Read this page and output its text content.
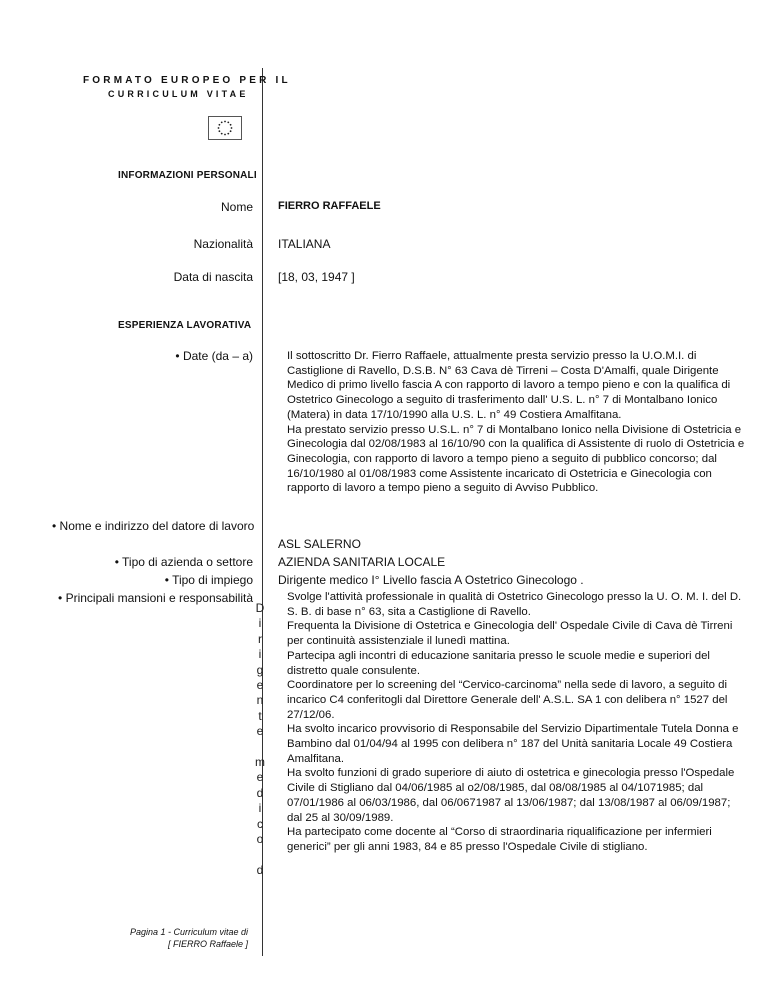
FORMATO EUROPEO PER IL
CURRICULUM VITAE
INFORMAZIONI PERSONALI
Nome FIERRO RAFFAELE
Nazionalità ITALIANA
Data di nascita [18, 03, 1947 ]
ESPERIENZA LAVORATIVA
• Date (da – a)	Il sottoscritto Dr. Fierro Raffaele, attualmente presta servizio presso la U.O.M.I. di Castiglione di Ravello, D.S.B. N° 63 Cava dè Tirreni – Costa D'Amalfi, quale Dirigente Medico di primo livello fascia A con rapporto di lavoro a tempo pieno e con la qualifica di Ostetrico Ginecologo a seguito di trasferimento dall' U.S. L. n° 7 di Montalbano Ionico (Matera) in data 17/10/1990 alla U.S. L. n° 49 Costiera Amalfitana.

Ha prestato servizio presso U.S.L. n° 7 di Montalbano Ionico nella Divisione di Ostetricia e Ginecologia dal 02/08/1983 al 16/10/90 con la qualifica di Assistente di ruolo di Ostetricia e Ginecologia, con rapporto di lavoro a tempo pieno a seguito di pubblico concorso; dal 16/10/1980 al 01/08/1983 come Assistente incaricato di Ostetricia e Ginecologia con rapporto di lavoro a tempo pieno a seguito di Avviso Pubblico.

• Nome e indirizzo del datore di lavoro
ASL SALERNO
• Tipo di azienda o settore AZIENDA SANITARIA LOCALE
• Tipo di impiego Dirigente medico I° Livello fascia A Ostetrico Ginecologo .
• Principali mansioni e responsabilità	Svolge l'attività professionale in qualità di Ostetrico Ginecologo presso la U. O. M. I. del D. S. B. di base n° 63, sita a Castiglione di Ravello.

Frequenta la Divisione di Ostetrica e Ginecologia dell' Ospedale Civile di Cava dè Tirreni per continuità assistenziale il lunedì mattina.

Partecipa agli incontri di educazione sanitaria presso le scuole medie e superiori del distretto quale consulente.

Coordinatore per lo screening del “Cervico-carcinoma” nella sede di lavoro, a seguito di incarico C4 conferitogli dal Direttore Generale dell' A.S.L. SA 1 con delibera n° 1527 del 27/12/06.

Ha svolto incarico provvisorio di Responsabile del Servizio Dipartimentale Tutela Donna e Bambino dal 01/04/94 al 1995 con delibera n° 187 del Unità sanitaria Locale 49 Costiera Amalfitana.

Ha svolto funzioni di grado superiore di aiuto di ostetrica e ginecologia presso l'Ospedale Civile di Stigliano dal 04/06/1985 al o2/08/1985, dal 08/08/1985 al 04/1071985; dal 07/01/1986 al 06/03/1986, dal 06/0671987 al 13/06/1987; dal 13/08/1987 al 06/09/1987; dal 25 al 30/09/1989.

Ha partecipato come docente al “Corso di straordinaria riqualificazione per infermieri generici” per gli anni 1983, 84 e 85 presso l'Ospedale Civile di stigliano.

D
i
r
i
g
e
n
t
e
m
e
d
i
c
o
d
Pagina 1 - Curriculum vitae di
[ FIERRO Raffaele ]
